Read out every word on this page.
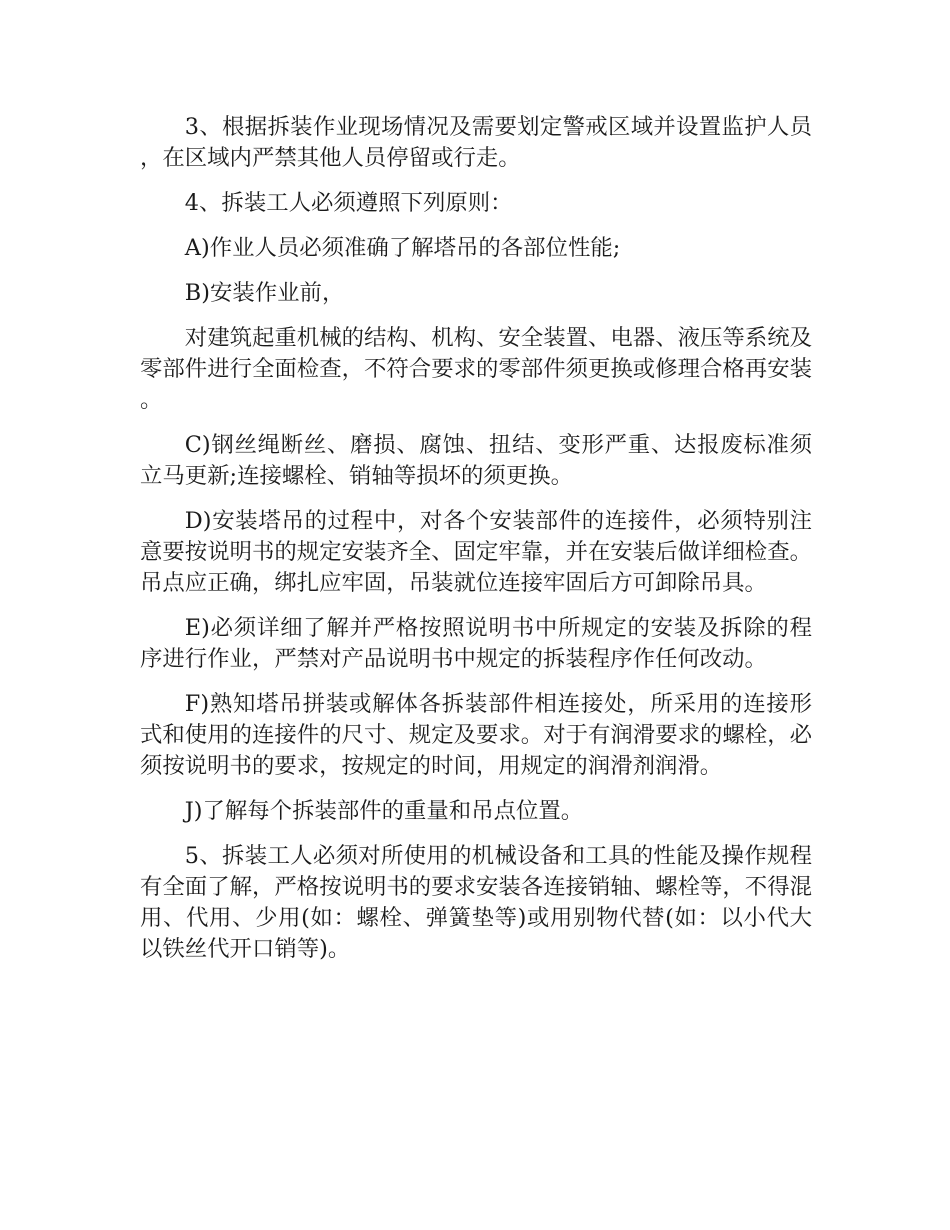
3、根据拆装作业现场情况及需要划定警戒区域并设置监护人员，在区域内严禁其他人员停留或行走。

4、拆装工人必须遵照下列原则：

A)作业人员必须准确了解塔吊的各部位性能;

B)安装作业前，

对建筑起重机械的结构、机构、安全装置、电器、液压等系统及零部件进行全面检查，不符合要求的零部件须更换或修理合格再安装。

C)钢丝绳断丝、磨损、腐蚀、扭结、变形严重、达报废标准须立马更新;连接螺栓、销轴等损坏的须更换。

D)安装塔吊的过程中，对各个安装部件的连接件，必须特别注意要按说明书的规定安装齐全、固定牢靠，并在安装后做详细检查。吊点应正确，绑扎应牢固，吊装就位连接牢固后方可卸除吊具。

E)必须详细了解并严格按照说明书中所规定的安装及拆除的程序进行作业，严禁对产品说明书中规定的拆装程序作任何改动。

F)熟知塔吊拼装或解体各拆装部件相连接处，所采用的连接形式和使用的连接件的尺寸、规定及要求。对于有润滑要求的螺栓，必须按说明书的要求，按规定的时间，用规定的润滑剂润滑。

J)了解每个拆装部件的重量和吊点位置。

5、拆装工人必须对所使用的机械设备和工具的性能及操作规程有全面了解，严格按说明书的要求安装各连接销轴、螺栓等，不得混用、代用、少用(如：螺栓、弹簧垫等)或用别物代替(如：以小代大以铁丝代开口销等)。
